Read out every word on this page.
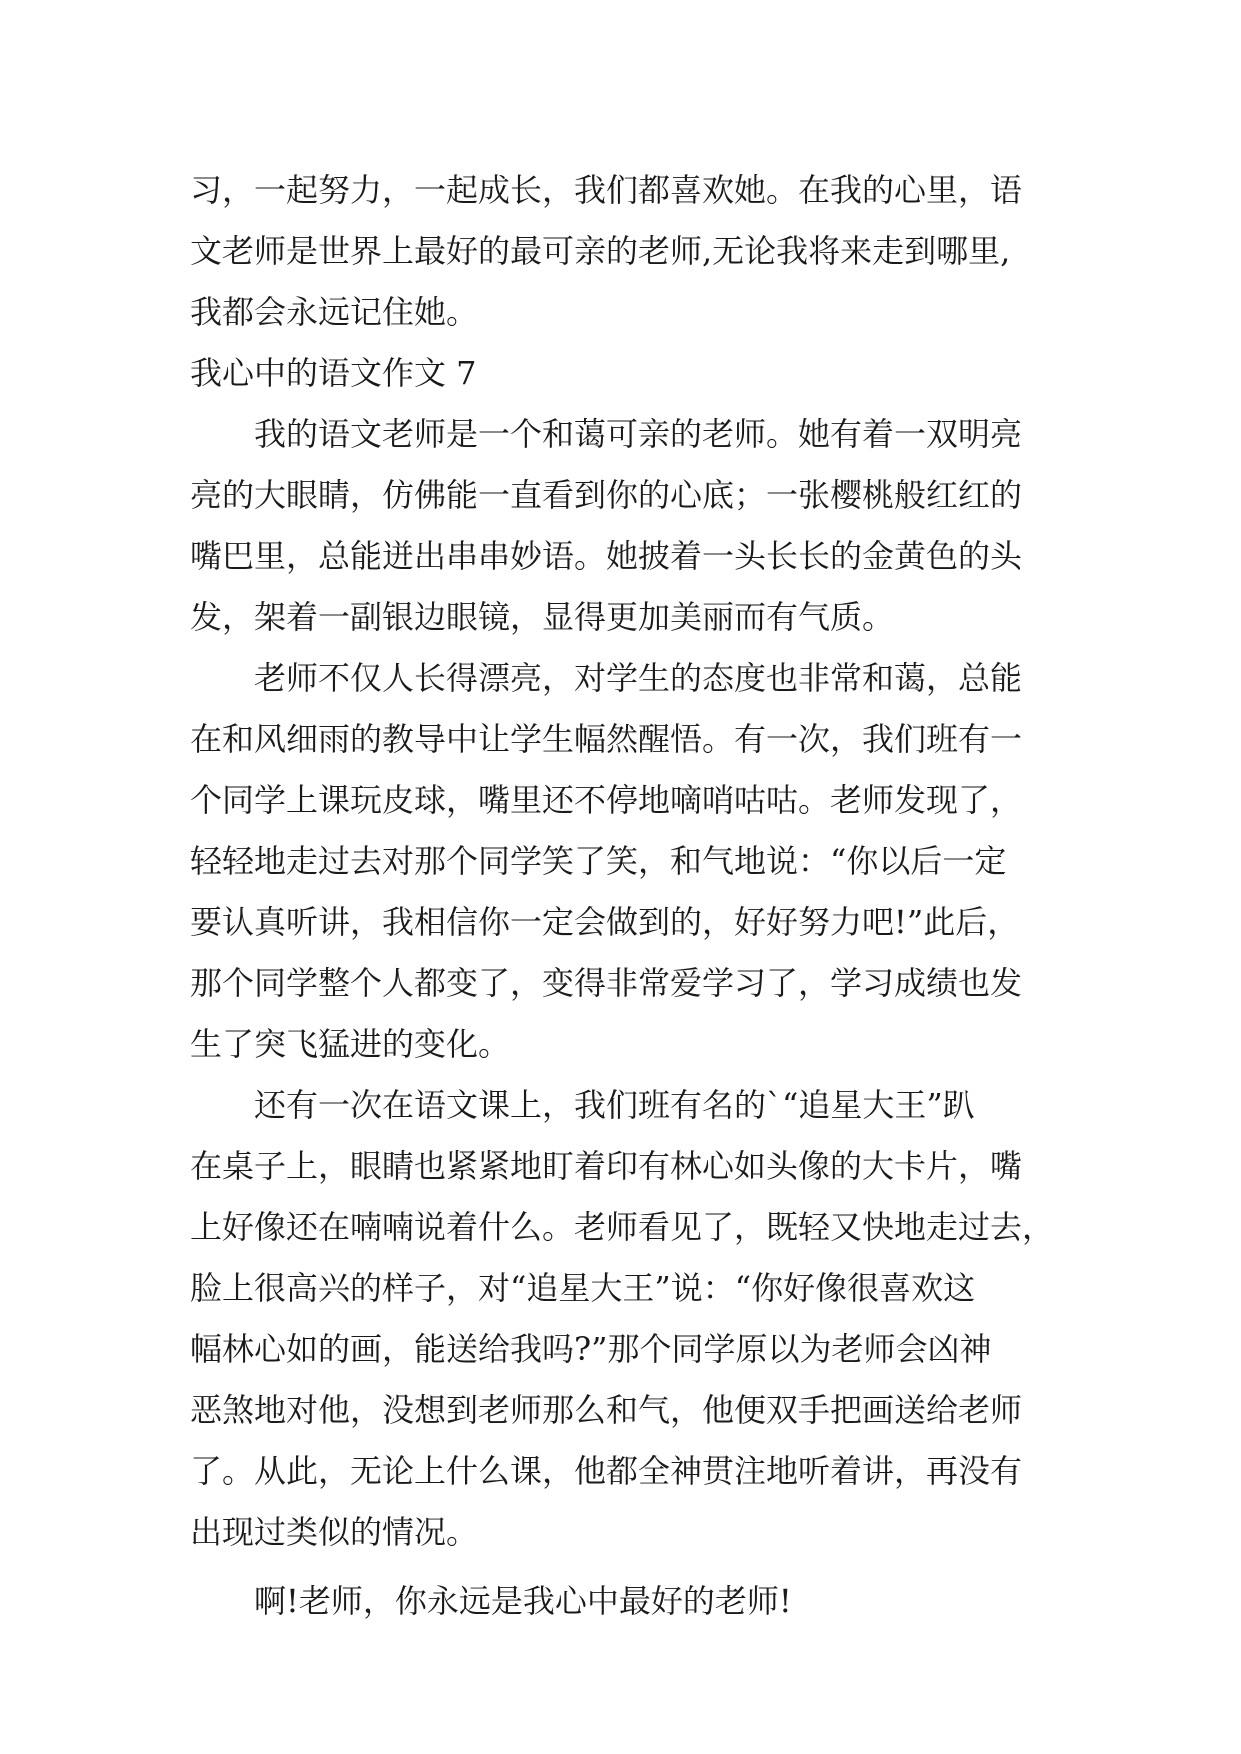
习，一起努力，一起成长，我们都喜欢她。在我的心里，语
文老师是世界上最好的最可亲的老师,无论我将来走到哪里,
我都会永远记住她。
我心中的语文作文 7
我的语文老师是一个和蔼可亲的老师。她有着一双明亮
亮的大眼睛，仿佛能一直看到你的心底；一张樱桃般红红的
嘴巴里，总能迸出串串妙语。她披着一头长长的金黄色的头
发，架着一副银边眼镜，显得更加美丽而有气质。
老师不仅人长得漂亮，对学生的态度也非常和蔼，总能
在和风细雨的教导中让学生幅然醒悟。有一次，我们班有一
个同学上课玩皮球，嘴里还不停地嘀哨咕咕。老师发现了，
轻轻地走过去对那个同学笑了笑，和气地说：“你以后一定
要认真听讲，我相信你一定会做到的，好好努力吧!”此后，
那个同学整个人都变了，变得非常爱学习了，学习成绩也发
生了突飞猛进的变化。
还有一次在语文课上，我们班有名的`“追星大王”趴
在桌子上，眼睛也紧紧地盯着印有林心如头像的大卡片，嘴
上好像还在喃喃说着什么。老师看见了，既轻又快地走过去，
脸上很高兴的样子，对“追星大王”说：“你好像很喜欢这
幅林心如的画，能送给我吗?”那个同学原以为老师会凶神
恶煞地对他，没想到老师那么和气，他便双手把画送给老师
了。从此，无论上什么课，他都全神贯注地听着讲，再没有
出现过类似的情况。
啊!老师，你永远是我心中最好的老师!
